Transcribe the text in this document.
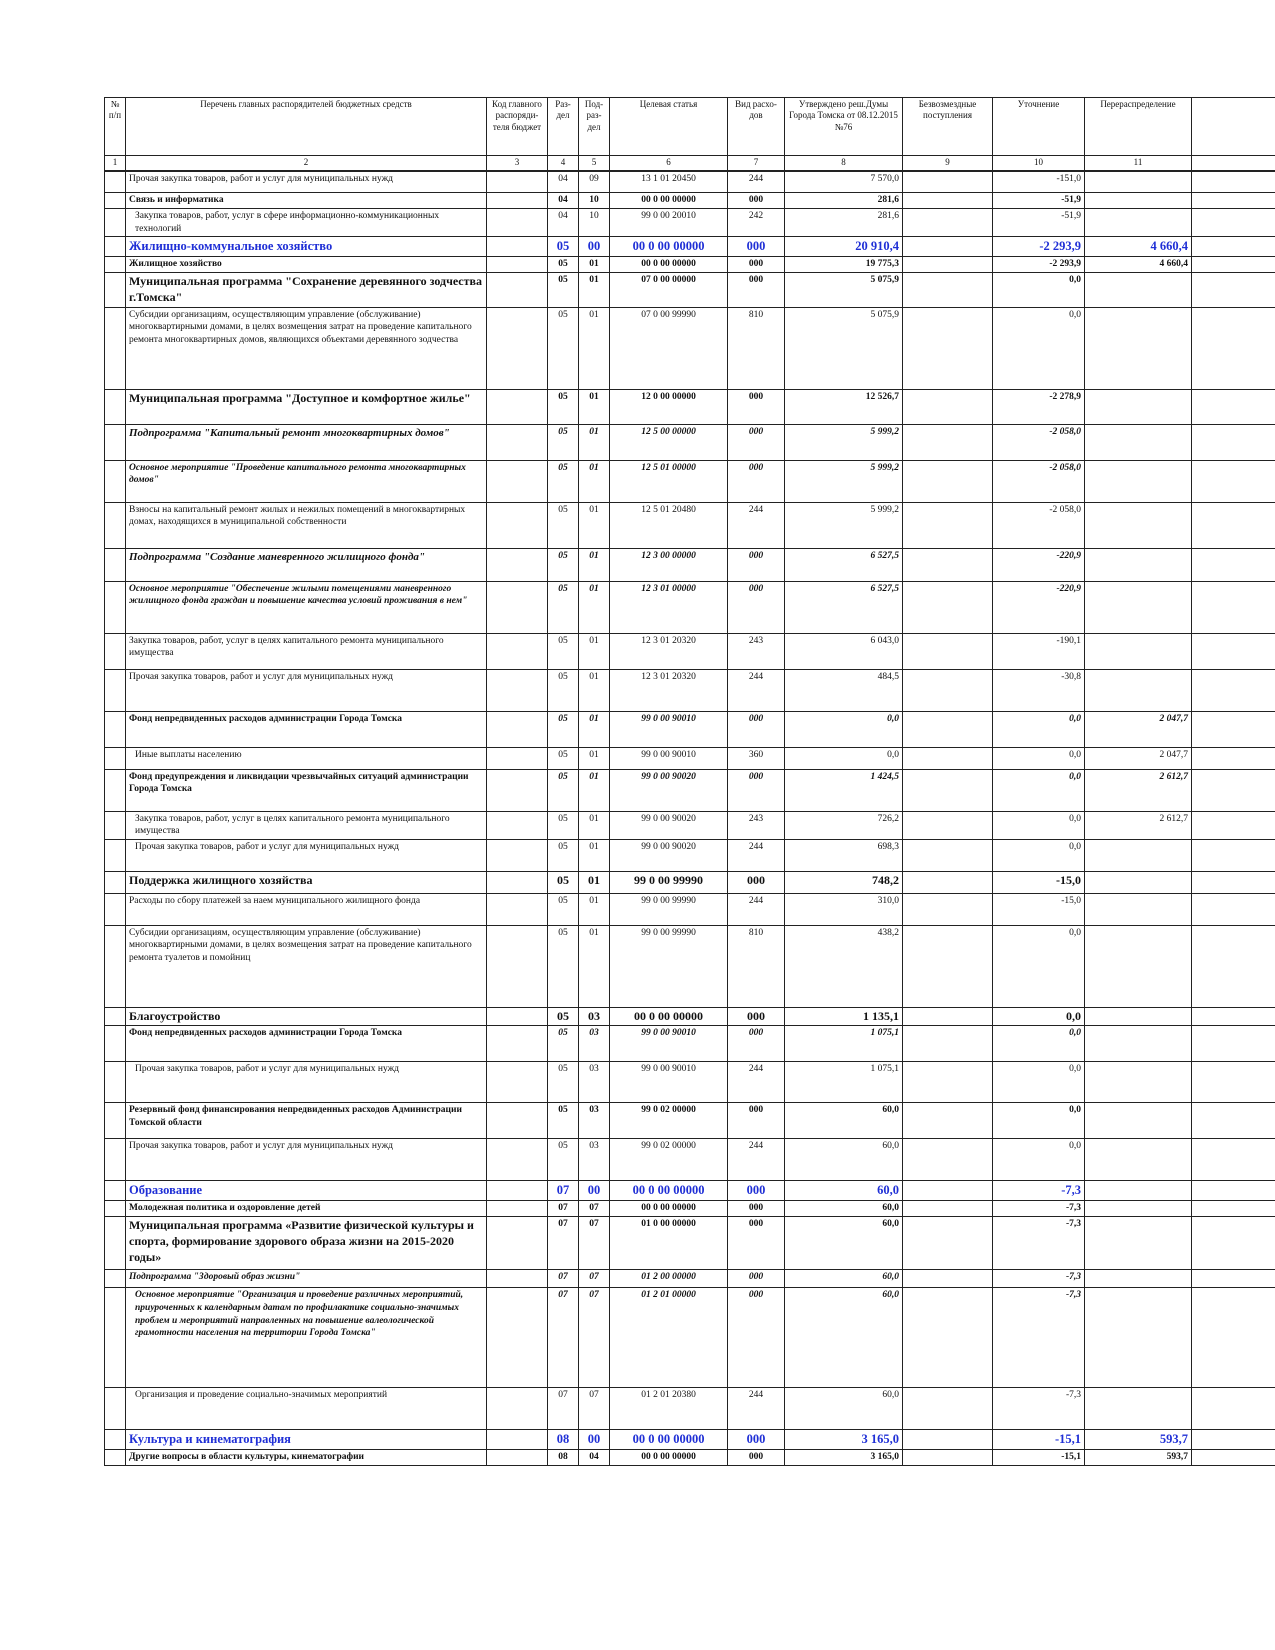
№ п/п	Перечень главных распорядителей бюджетных средств	Код главного распоряди-теля бюджет	Раз-дел	Под-раз-дел	Целевая статья	Вид расхо-дов	Утверждено реш.Думы Города Томска от 08.12.2015 №76	Безвозмездные поступления	Уточнение	Перераспределение	
1	2	3	4	5	6	7	8	9	10	11	
	Прочая закупка товаров, работ и услуг для муниципальных нужд		04	09	13 1 01 20450	244	7 570,0		-151,0		
	Связь и информатика		04	10	00 0 00 00000	000	281,6		-51,9		
	Закупка товаров, работ, услуг в сфере информационно-коммуникационных технологий		04	10	99 0 00 20010	242	281,6		-51,9		
	Жилищно-коммунальное хозяйство		05	00	00 0 00 00000	000	20 910,4		-2 293,9	4 660,4	
	Жилищное хозяйство		05	01	00 0 00 00000	000	19 775,3		-2 293,9	4 660,4	
	Муниципальная программа "Сохранение деревянного зодчества г.Томска"		05	01	07 0 00 00000	000	5 075,9		0,0		
	Субсидии организациям, осуществляющим управление (обслуживание) многоквартирными домами, в целях возмещения затрат на проведение капитального ремонта многоквартирных домов, являющихся объектами деревянного зодчества		05	01	07 0 00 99990	810	5 075,9		0,0		
	Муниципальная программа "Доступное и комфортное жилье"		05	01	12 0 00 00000	000	12 526,7		-2 278,9		
	Подпрограмма "Капитальный ремонт многоквартирных домов"		05	01	12 5 00 00000	000	5 999,2		-2 058,0		
	Основное мероприятие "Проведение капитального ремонта многоквартирных домов"		05	01	12 5 01 00000	000	5 999,2		-2 058,0		
	Взносы на капитальный ремонт жилых и нежилых помещений в многоквартирных домах, находящихся в муниципальной собственности		05	01	12 5 01 20480	244	5 999,2		-2 058,0		
	Подпрограмма "Создание маневренного жилищного фонда"		05	01	12 3 00 00000	000	6 527,5		-220,9		
	Основное мероприятие "Обеспечение жилыми помещениями маневренного жилищного фонда граждан и повышение качества условий проживания в нем"		05	01	12 3 01 00000	000	6 527,5		-220,9		
	Закупка товаров, работ, услуг в целях капитального ремонта муниципального имущества		05	01	12 3 01 20320	243	6 043,0		-190,1		
	Прочая закупка товаров, работ и услуг для муниципальных нужд		05	01	12 3 01 20320	244	484,5		-30,8		
	Фонд непредвиденных расходов администрации Города Томска		05	01	99 0 00 90010	000	0,0		0,0	2 047,7	
	Иные выплаты населению		05	01	99 0 00 90010	360	0,0		0,0	2 047,7	
	Фонд предупреждения и ликвидации чрезвычайных ситуаций администрации Города Томска		05	01	99 0 00 90020	000	1 424,5		0,0	2 612,7	
	Закупка товаров, работ, услуг в целях капитального ремонта муниципального имущества		05	01	99 0 00 90020	243	726,2		0,0	2 612,7	
	Прочая закупка товаров, работ и услуг для муниципальных нужд		05	01	99 0 00 90020	244	698,3		0,0		
	Поддержка жилищного хозяйства		05	01	99 0 00 99990	000	748,2		-15,0		
	Расходы по сбору платежей за наем муниципального жилищного фонда		05	01	99 0 00 99990	244	310,0		-15,0		
	Субсидии организациям, осуществляющим управление (обслуживание) многоквартирными домами, в целях возмещения затрат на проведение капитального ремонта туалетов и помойниц		05	01	99 0 00 99990	810	438,2		0,0		
	Благоустройство		05	03	00 0 00 00000	000	1 135,1		0,0		
	Фонд непредвиденных расходов администрации Города Томска		05	03	99 0 00 90010	000	1 075,1		0,0		
	Прочая закупка товаров, работ и услуг для муниципальных нужд		05	03	99 0 00 90010	244	1 075,1		0,0		
	Резервный фонд финансирования непредвиденных расходов Администрации Томской области		05	03	99 0 02 00000	000	60,0		0,0		
	Прочая закупка товаров, работ и услуг для муниципальных нужд		05	03	99 0 02 00000	244	60,0		0,0		
	Образование		07	00	00 0 00 00000	000	60,0		-7,3		
	Молодежная политика и оздоровление детей		07	07	00 0 00 00000	000	60,0		-7,3		
	Муниципальная программа «Развитие физической культуры и спорта, формирование здорового образа жизни на 2015-2020 годы»		07	07	01 0 00 00000	000	60,0		-7,3		
	Подпрограмма "Здоровый образ жизни"		07	07	01 2 00 00000	000	60,0		-7,3		
	Основное мероприятие "Организация и проведение различных мероприятий, приуроченных к календарным датам по профилактике социально-значимых проблем и мероприятий направленных на повышение валеологической грамотности населения на территории Города Томска"		07	07	01 2 01 00000	000	60,0		-7,3		
	Организация и проведение социально-значимых мероприятий		07	07	01 2 01 20380	244	60,0		-7,3		
	Культура и кинематография		08	00	00 0 00 00000	000	3 165,0		-15,1	593,7	
	Другие вопросы в области культуры, кинематографии		08	04	00 0 00 00000	000	3 165,0		-15,1	593,7	
